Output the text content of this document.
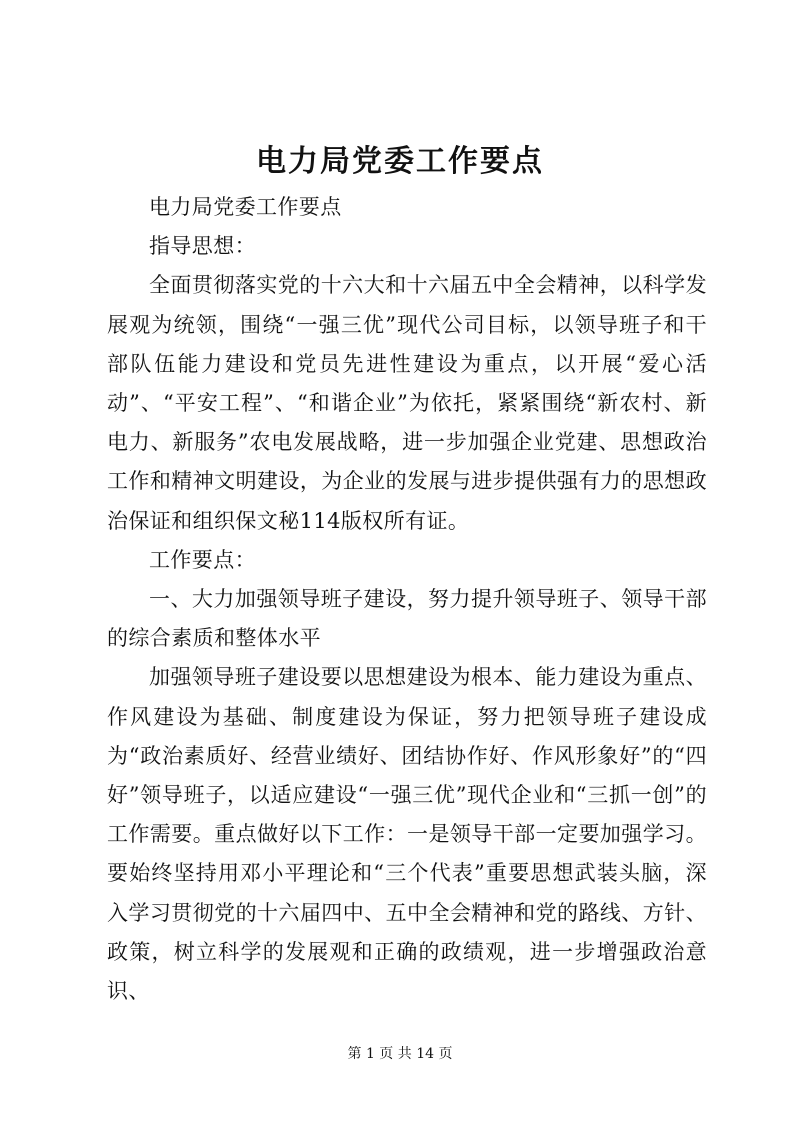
电力局党委工作要点

电力局党委工作要点

指导思想：

全面贯彻落实党的十六大和十六届五中全会精神，以科学发展观为统领，围绕“一强三优”现代公司目标，以领导班子和干部队伍能力建设和党员先进性建设为重点，以开展“爱心活动”、“平安工程”、“和谐企业”为依托，紧紧围绕“新农村、新电力、新服务”农电发展战略，进一步加强企业党建、思想政治工作和精神文明建设，为企业的发展与进步提供强有力的思想政治保证和组织保文秘114版权所有证。

工作要点：

一、大力加强领导班子建设，努力提升领导班子、领导干部的综合素质和整体水平

加强领导班子建设要以思想建设为根本、能力建设为重点、作风建设为基础、制度建设为保证，努力把领导班子建设成为“政治素质好、经营业绩好、团结协作好、作风形象好”的“四好”领导班子，以适应建设“一强三优”现代企业和“三抓一创”的工作需要。重点做好以下工作：一是领导干部一定要加强学习。要始终坚持用邓小平理论和“三个代表”重要思想武装头脑，深入学习贯彻党的十六届四中、五中全会精神和党的路线、方针、政策，树立科学的发展观和正确的政绩观，进一步增强政治意识、

第 1 页 共 14 页
